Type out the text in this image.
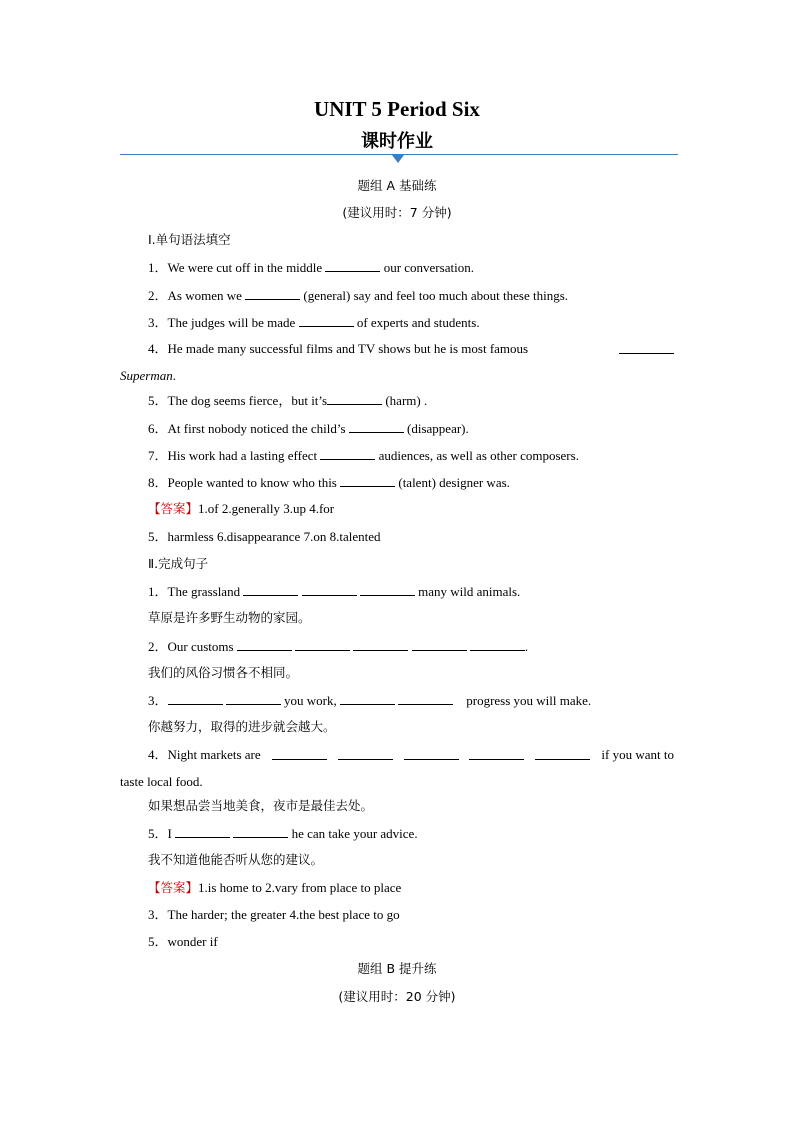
UNIT 5 Period Six
课时作业
题组 A 基础练
(建议用时：7 分钟)
Ⅰ.单句语法填空
1．We were cut off in the middle	our conversation.
2．As women we	(general) say and feel too much about these things.
3．The judges will be made	of experts and students.
4．He made many successful films and TV shows but he is most famous
Superman.
5．The dog seems fierce，but it’s	(harm) .
6．At first nobody noticed the child’s	(disappear).
7．His work had a lasting effect	audiences, as well as other composers.
8．People wanted to know who this	(talent) designer was.
【答案】1.of 2.generally 3.up 4.for
5．harmless 6.disappearance 7.on 8.talented
Ⅱ.完成句子
1．The grassland	many wild animals.
草原是许多野生动物的家园。
2．Our customs	.
我们的风俗习惯各不相同。
3．	you work,	progress you will make.
你越努力，取得的进步就会越大。
4．Night markets are	if you want to
taste local food.
如果想品尝当地美食，夜市是最佳去处。
5．I	he can take your advice.
我不知道他能否听从您的建议。
【答案】1.is home to 2.vary from place to place
3．The harder; the greater 4.the best place to go
5．wonder if
题组 B 提升练
(建议用时：20 分钟)
